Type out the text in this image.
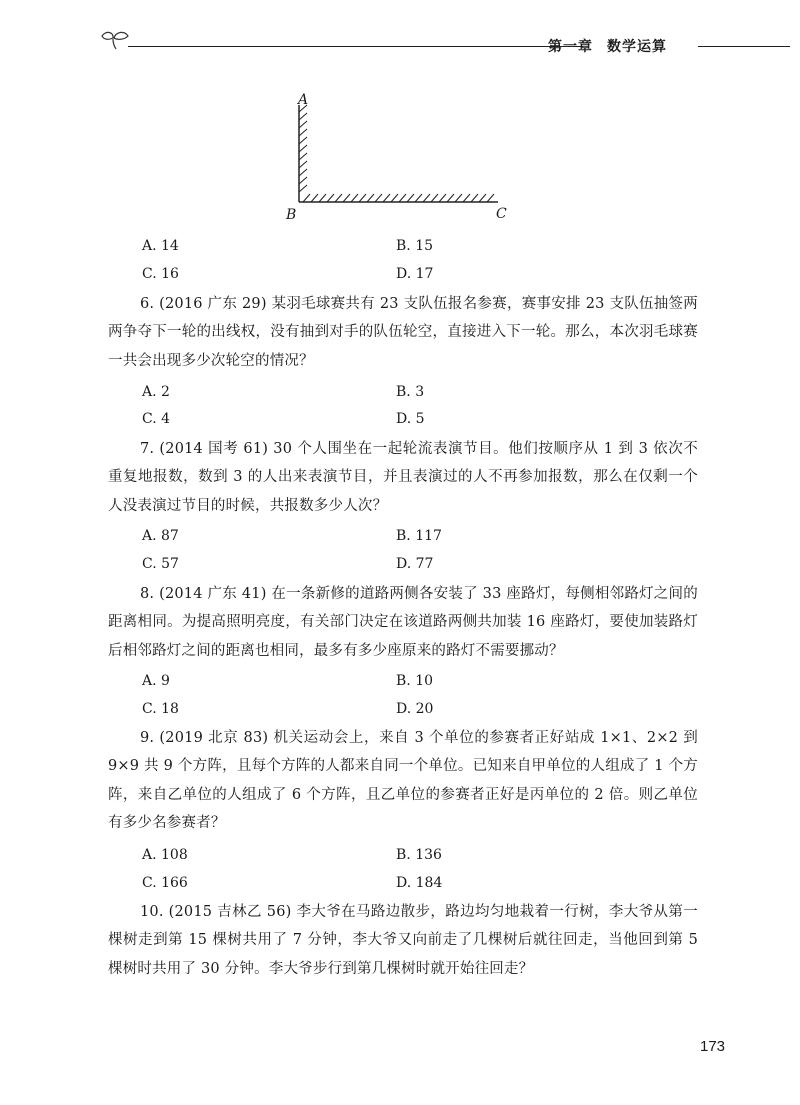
第一章 数学运算
A
B	C
A. 14	B. 15
C. 16	D. 17
6. (2016 广东 29) 某羽毛球赛共有 23 支队伍报名参赛，赛事安排 23 支队伍抽签两两争夺下一轮的出线权，没有抽到对手的队伍轮空，直接进入下一轮。那么，本次羽毛球赛一共会出现多少次轮空的情况？
A. 2	B. 3
C. 4	D. 5
7. (2014 国考 61) 30 个人围坐在一起轮流表演节目。他们按顺序从 1 到 3 依次不重复地报数，数到 3 的人出来表演节目，并且表演过的人不再参加报数，那么在仅剩一个人没表演过节目的时候，共报数多少人次？
A. 87	B. 117
C. 57	D. 77
8. (2014 广东 41) 在一条新修的道路两侧各安装了 33 座路灯，每侧相邻路灯之间的距离相同。为提高照明亮度，有关部门决定在该道路两侧共加装 16 座路灯，要使加装路灯后相邻路灯之间的距离也相同，最多有多少座原来的路灯不需要挪动？
A. 9	B. 10
C. 18	D. 20
9. (2019 北京 83) 机关运动会上，来自 3 个单位的参赛者正好站成 1×1、2×2 到 9×9 共 9 个方阵，且每个方阵的人都来自同一个单位。已知来自甲单位的人组成了 1 个方阵，来自乙单位的人组成了 6 个方阵，且乙单位的参赛者正好是丙单位的 2 倍。则乙单位有多少名参赛者？
A. 108	B. 136
C. 166	D. 184
10. (2015 吉林乙 56) 李大爷在马路边散步，路边均匀地栽着一行树，李大爷从第一棵树走到第 15 棵树共用了 7 分钟，李大爷又向前走了几棵树后就往回走，当他回到第 5 棵树时共用了 30 分钟。李大爷步行到第几棵树时就开始往回走？
173
